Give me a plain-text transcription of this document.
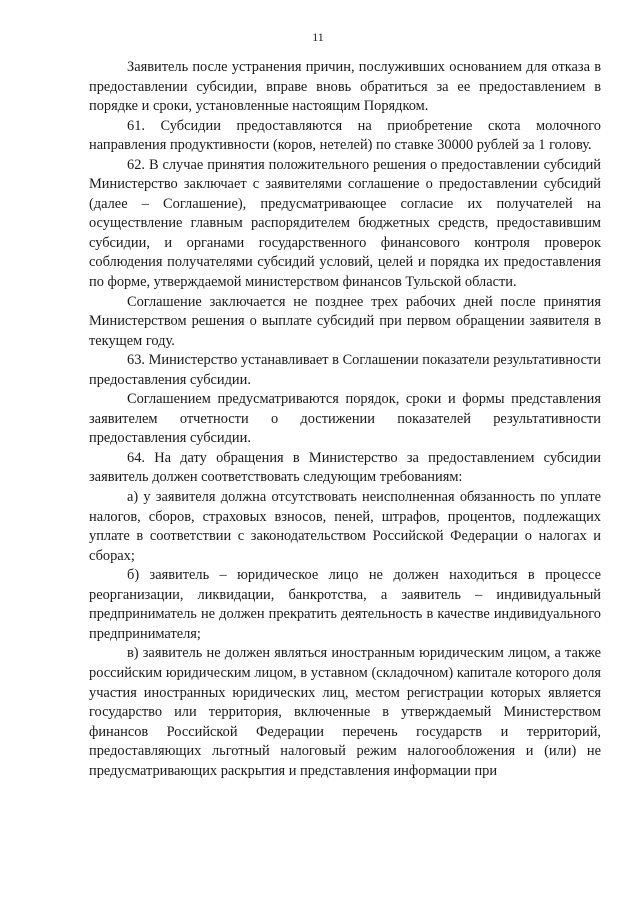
11

Заявитель после устранения причин, послуживших основанием для отказа в предоставлении субсидии, вправе вновь обратиться за ее предоставлением в порядке и сроки, установленные настоящим Порядком.

61. Субсидии предоставляются на приобретение скота молочного направления продуктивности (коров, нетелей) по ставке 30000 рублей за 1 голову.

62. В случае принятия положительного решения о предоставлении субсидий Министерство заключает с заявителями соглашение о предоставлении субсидий (далее – Соглашение), предусматривающее согласие их получателей на осуществление главным распорядителем бюджетных средств, предоставившим субсидии, и органами государственного финансового контроля проверок соблюдения получателями субсидий условий, целей и порядка их предоставления по форме, утверждаемой министерством финансов Тульской области.

Соглашение заключается не позднее трех рабочих дней после принятия Министерством решения о выплате субсидий при первом обращении заявителя в текущем году.

63. Министерство устанавливает в Соглашении показатели результативности предоставления субсидии.

Соглашением предусматриваются порядок, сроки и формы представления заявителем отчетности о достижении показателей результативности предоставления субсидии.

64. На дату обращения в Министерство за предоставлением субсидии заявитель должен соответствовать следующим требованиям:

а) у заявителя должна отсутствовать неисполненная обязанность по уплате налогов, сборов, страховых взносов, пеней, штрафов, процентов, подлежащих уплате в соответствии с законодательством Российской Федерации о налогах и сборах;

б) заявитель – юридическое лицо не должен находиться в процессе реорганизации, ликвидации, банкротства, а заявитель – индивидуальный предприниматель не должен прекратить деятельность в качестве индивидуального предпринимателя;

в) заявитель не должен являться иностранным юридическим лицом, а также российским юридическим лицом, в уставном (складочном) капитале которого доля участия иностранных юридических лиц, местом регистрации которых является государство или территория, включенные в утверждаемый Министерством финансов Российской Федерации перечень государств и территорий, предоставляющих льготный налоговый режим налогообложения и (или) не предусматривающих раскрытия и представления информации при
